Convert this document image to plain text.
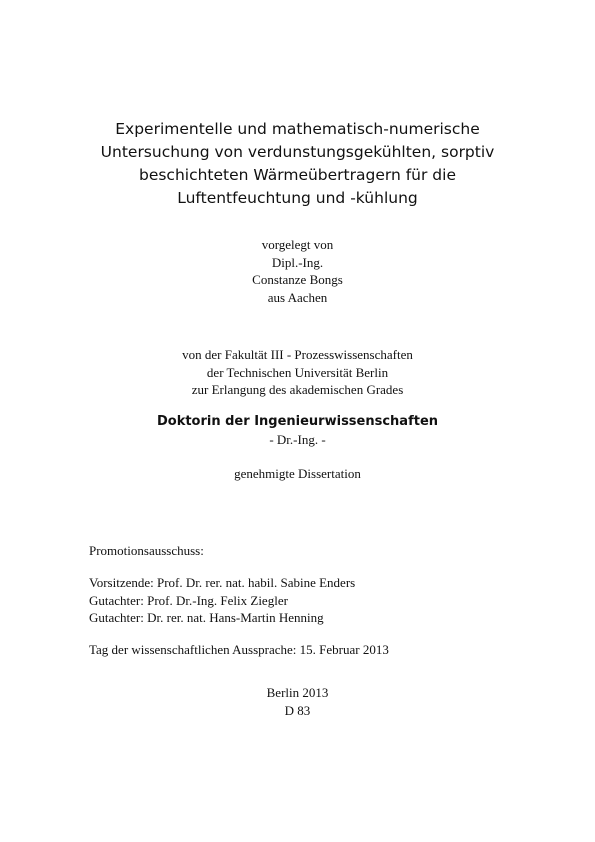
Experimentelle und mathematisch-numerische
Untersuchung von verdunstungsgekühlten, sorptiv
beschichteten Wärmeübertragern für die
Luftentfeuchtung und -kühlung
vorgelegt von
Dipl.-Ing.
Constanze Bongs
aus Aachen
von der Fakultät III - Prozesswissenschaften
der Technischen Universität Berlin
zur Erlangung des akademischen Grades
Doktorin der Ingenieurwissenschaften
- Dr.-Ing. -
genehmigte Dissertation
Promotionsausschuss:
Vorsitzende: Prof. Dr. rer. nat. habil. Sabine Enders
Gutachter: Prof. Dr.-Ing. Felix Ziegler
Gutachter: Dr. rer. nat. Hans-Martin Henning
Tag der wissenschaftlichen Aussprache: 15. Februar 2013
Berlin 2013
D 83
